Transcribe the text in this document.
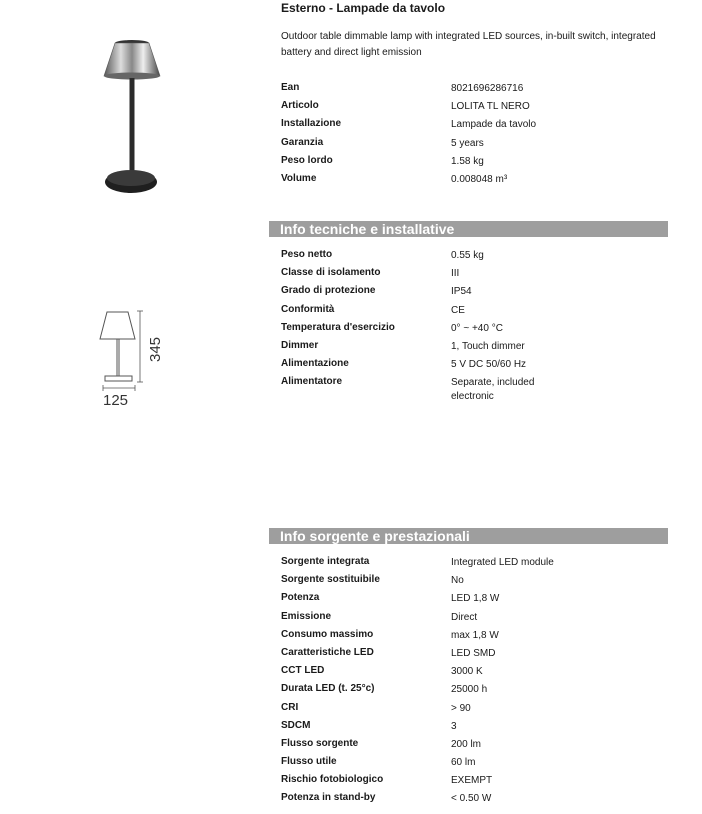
345
125
Esterno - Lampade da tavolo
Outdoor table dimmable lamp with integrated LED sources, in-built switch, integrated battery and direct light emission
Ean	8021696286716
Articolo	LOLITA TL NERO
Installazione	Lampade da tavolo
Garanzia	5 years
Peso lordo	1.58 kg
Volume	0.008048 m³
Info tecniche e installative
Peso netto	0.55 kg
Classe di isolamento	III
Grado di protezione	IP54
Conformità	CE
Temperatura d'esercizio	0° ~ +40 °C
Dimmer	1, Touch dimmer
Alimentazione	5 V DC 50/60 Hz
Alimentatore	Separate, included electronic
Info sorgente e prestazionali
Sorgente integrata	Integrated LED module
Sorgente sostituibile	No
Potenza	LED 1,8 W
Emissione	Direct
Consumo massimo	max 1,8 W
Caratteristiche LED	LED SMD
CCT LED	3000 K
Durata LED (t. 25°c)	25000 h
CRI	> 90
SDCM	3
Flusso sorgente	200 lm
Flusso utile	60 lm
Rischio fotobiologico	EXEMPT
Potenza in stand-by	< 0.50 W
